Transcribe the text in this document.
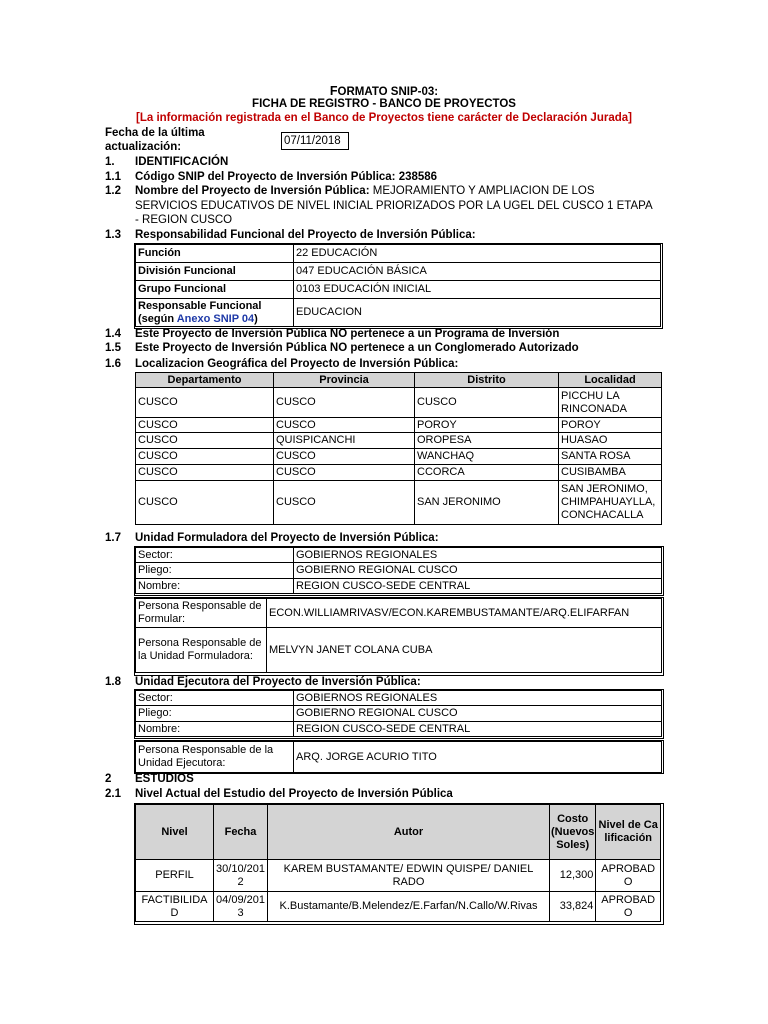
FORMATO SNIP-03:
FICHA DE REGISTRO - BANCO DE PROYECTOS
[La información registrada en el Banco de Proyectos tiene carácter de Declaración Jurada]
Fecha de la última
actualización:	07/11/2018
1. IDENTIFICACIÓN
1.1 Código SNIP del Proyecto de Inversión Pública: 238586
1.2 Nombre del Proyecto de Inversión Pública: MEJORAMIENTO Y AMPLIACION DE LOS
SERVICIOS EDUCATIVOS DE NIVEL INICIAL PRIORIZADOS POR LA UGEL DEL CUSCO 1 ETAPA
- REGION CUSCO
1.3 Responsabilidad Funcional del Proyecto de Inversión Pública:
Función	22 EDUCACIÓN
División Funcional	047 EDUCACIÓN BÁSICA
Grupo Funcional	0103 EDUCACIÓN INICIAL
Responsable Funcional
(según Anexo SNIP 04)	EDUCACION
1.4 Este Proyecto de Inversión Pública NO pertenece a un Programa de Inversión
1.5 Este Proyecto de Inversión Pública NO pertenece a un Conglomerado Autorizado
1.6 Localizacion Geográfica del Proyecto de Inversión Pública:
Departamento	Provincia	Distrito	Localidad
CUSCO	CUSCO	CUSCO	PICCHU LA RINCONADA
CUSCO	CUSCO	POROY	POROY
CUSCO	QUISPICANCHI	OROPESA	HUASAO
CUSCO	CUSCO	WANCHAQ	SANTA ROSA
CUSCO	CUSCO	CCORCA	CUSIBAMBA
CUSCO	CUSCO	SAN JERONIMO	SAN JERONIMO, CHIMPAHUAYLLA, CONCHACALLA
1.7 Unidad Formuladora del Proyecto de Inversión Pública:
Sector:	GOBIERNOS REGIONALES
Pliego:	GOBIERNO REGIONAL CUSCO
Nombre:	REGION CUSCO-SEDE CENTRAL
Persona Responsable de Formular:	ECON.WILLIAMRIVASV/ECON.KAREMBUSTAMANTE/ARQ.ELIFARFAN
Persona Responsable de la Unidad Formuladora:	MELVYN JANET COLANA CUBA
1.8 Unidad Ejecutora del Proyecto de Inversión Pública:
Sector:	GOBIERNOS REGIONALES
Pliego:	GOBIERNO REGIONAL CUSCO
Nombre:	REGION CUSCO-SEDE CENTRAL
Persona Responsable de la Unidad Ejecutora:	ARQ. JORGE ACURIO TITO
2 ESTUDIOS
2.1 Nivel Actual del Estudio del Proyecto de Inversión Pública
Nivel	Fecha	Autor	Costo (Nuevos Soles)	Nivel de Calificación
PERFIL	30/10/2012	KAREM BUSTAMANTE/ EDWIN QUISPE/ DANIEL RADO	12,300	APROBADO
FACTIBILIDAD	04/09/2013	K.Bustamante/B.Melendez/E.Farfan/N.Callo/W.Rivas	33,824	APROBADO
